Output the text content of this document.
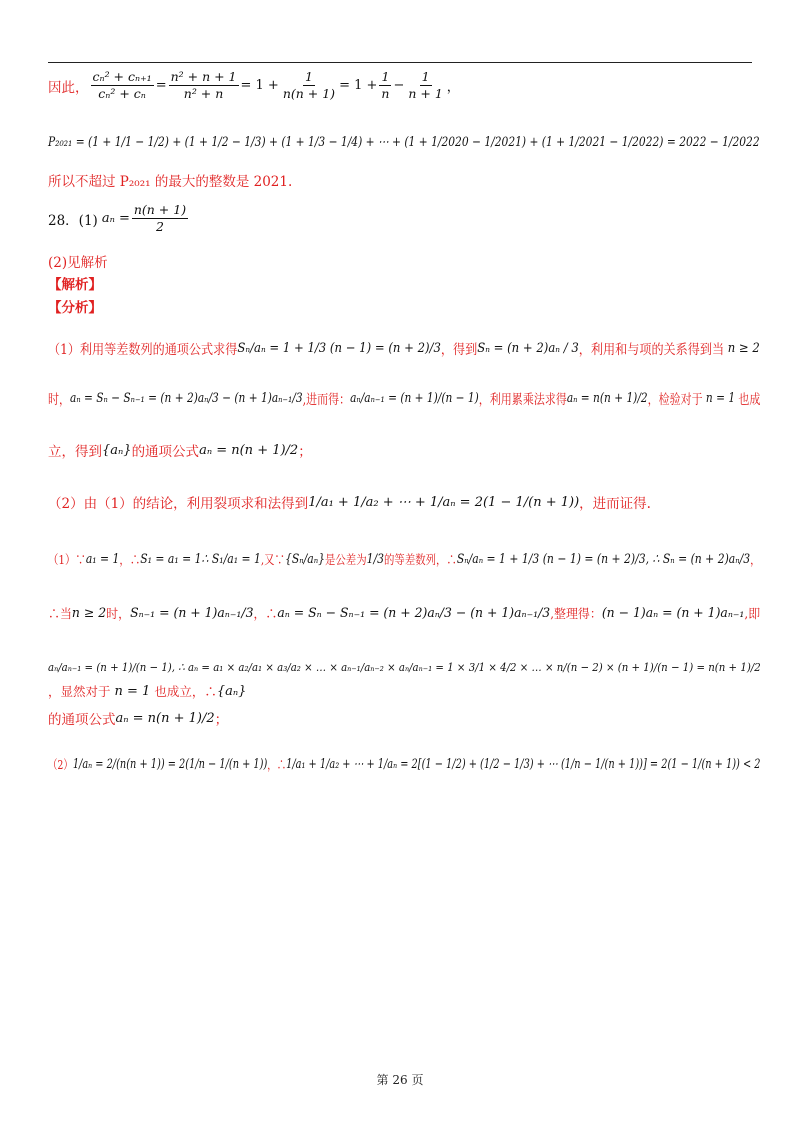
因此， $\frac{\text{cₙ² + cₙ₊₁}}{\text{cₙ² + cₙ}} = \frac{\text{n² + n + 1}}{\text{n² + n}} = 1 + \frac{1}{n(n + 1)} = 1 + \frac{1}{n} - \frac{1}{n + 1}$ ，
P₂₀₂₁ = (1 + 1/1 − 1/2) + (1 + 1/2 − 1/3) + (1 + 1/3 − 1/4) + ⋯ + (1 + 1/2020 − 1/2021) + (1 + 1/2021 − 1/2022) = 2022 − 1/2022
所以不超过 P₂₀₂₁ 的最大的整数是 2021.
28．(1) $a_n = \frac{n(n + 1)}{2}$
(2)见解析
【解析】
【分析】
（1）利用等差数列的通项公式求得 Sₙ/aₙ = 1 + 1/3 (n − 1) = (n + 2)/3 ，得到 Sₙ = (n + 2)aₙ / 3 ，利用和与项的关系得到当 n ≥ 2
时， aₙ = Sₙ − Sₙ₋₁ = (n + 2)aₙ/3 − (n + 1)aₙ₋₁/3 ,进而得： aₙ/aₙ₋₁ = (n + 1)/(n − 1) ，利用累乘法求得 aₙ = n(n + 1)/2 ，检验对于 n = 1 也成
立，得到 {aₙ} 的通项公式 aₙ = n(n + 1)/2 ；
（2）由（1）的结论，利用裂项求和法得到 1/a₁ + 1/a₂ + ⋯ + 1/aₙ = 2(1 − 1/(n + 1)) ，进而证得.
（1）∵ a₁ = 1 ，∴ S₁ = a₁ = 1 ∴ S₁/a₁ = 1 ,又∵ {Sₙ/aₙ} 是公差为 1/3 的等差数列，∴ Sₙ/aₙ = 1 + 1/3 (n − 1) = (n + 2)/3 , ∴ Sₙ = (n + 2)aₙ/3 ，
∴当 n ≥ 2 时， Sₙ₋₁ = (n + 1)aₙ₋₁/3 ，∴ aₙ = Sₙ − Sₙ₋₁ = (n + 2)aₙ/3 − (n + 1)aₙ₋₁/3 ,整理得： (n − 1)aₙ = (n + 1)aₙ₋₁ ,即
aₙ/aₙ₋₁ = (n + 1)/(n − 1) , ∴ aₙ = a₁ × a₂/a₁ × a₃/a₂ × … × aₙ₋₁/aₙ₋₂ × aₙ/aₙ₋₁ = 1 × 3/1 × 4/2 × … × n/(n − 2) × (n + 1)/(n − 1) = n(n + 1)/2
，显然对于 n = 1 也成立，∴ {aₙ}
的通项公式 aₙ = n(n + 1)/2 ；
（2） 1/aₙ = 2/(n(n + 1)) = 2(1/n − 1/(n + 1)) ，∴ 1/a₁ + 1/a₂ + ⋯ + 1/aₙ = 2[(1 − 1/2) + (1/2 − 1/3) + ⋯ (1/n − 1/(n + 1))] = 2(1 − 1/(n + 1)) < 2
第 26 页
